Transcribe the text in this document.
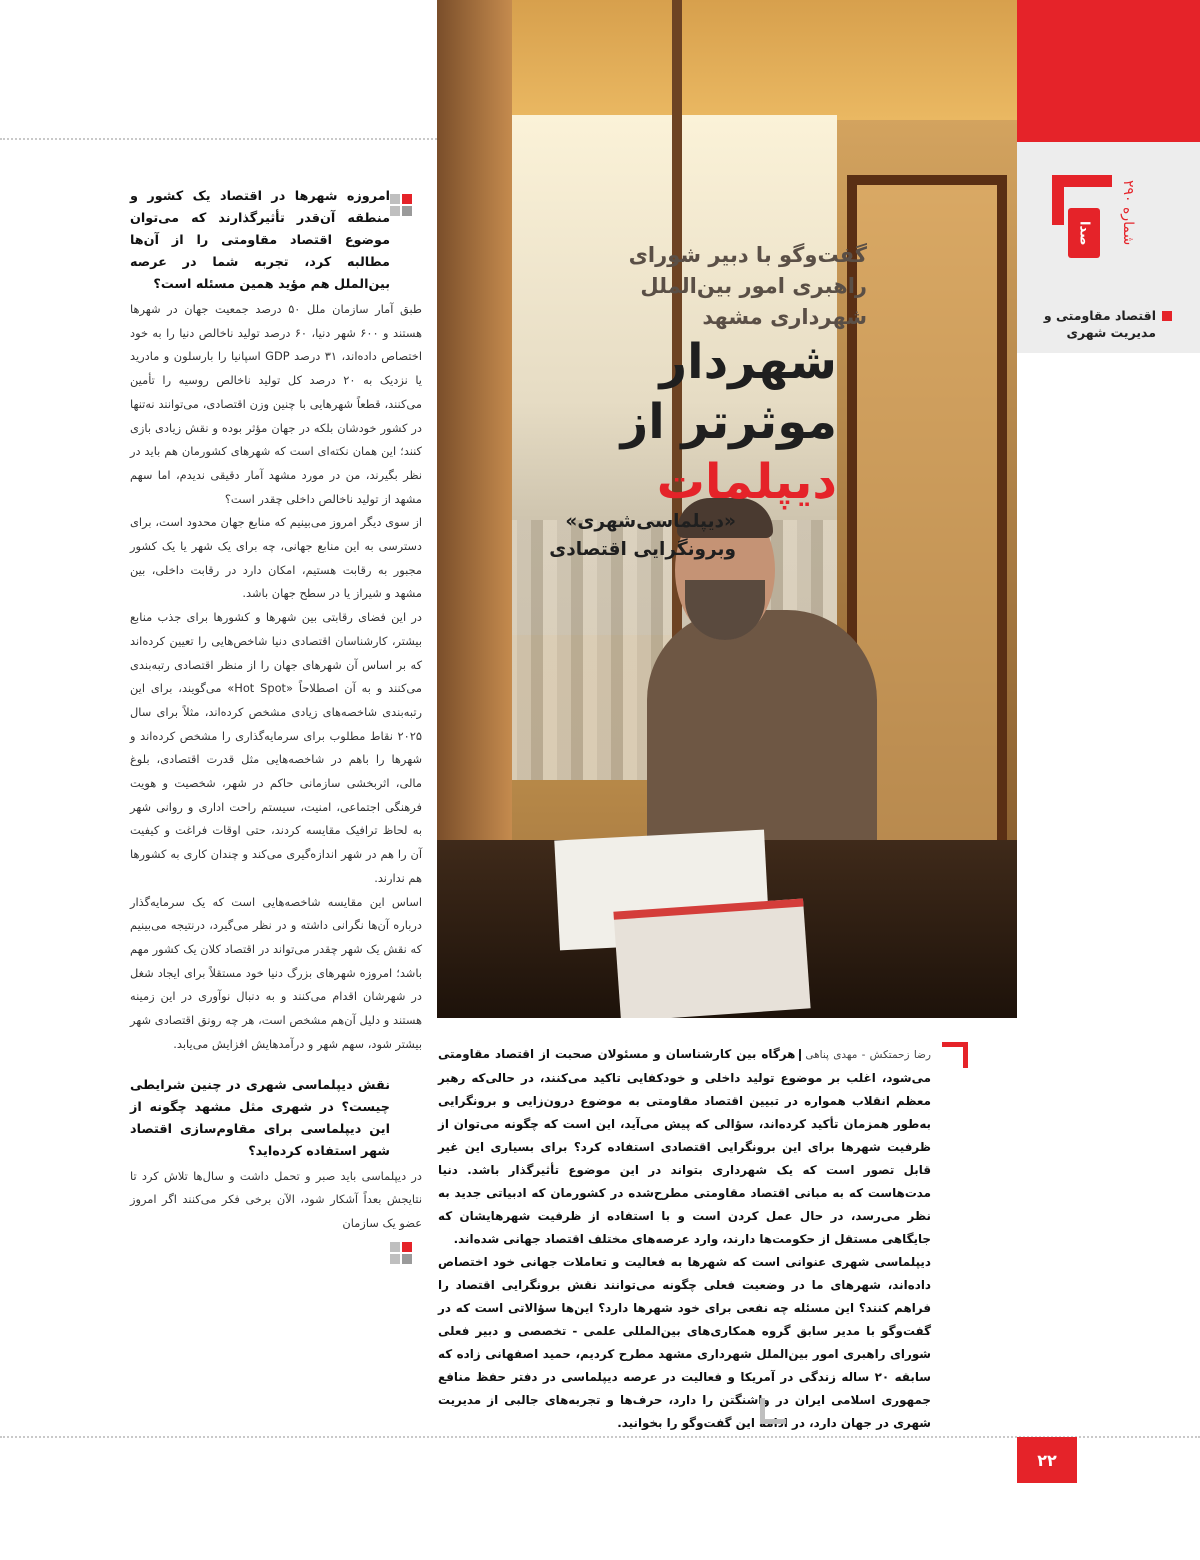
صدا
شماره ۲۹۰
اقتصاد مقاومتی و مدیریت شهری
گفت‌وگو با دبیر شورای راهبری امور بین‌الملل شهرداری مشهد
شهردار
موثرتر از
دیپلمات
«دیپلماسی‌شهری» وبرونگرایی اقتصادی

امروزه شهرها در اقتصاد یک کشور و منطقه آن‌قدر تأثیرگذارند که می‌توان موضوع اقتصاد مقاومتی را از آن‌ها مطالبه کرد، تجربه شما در عرصه بین‌الملل هم مؤید همین مسئله است؟

طبق آمار سازمان ملل ۵۰ درصد جمعیت جهان در شهرها هستند و ۶۰۰ شهر دنیا، ۶۰ درصد تولید ناخالص دنیا را به خود اختصاص داده‌اند، ۳۱ درصد GDP اسپانیا را بارسلون و مادرید یا نزدیک به ۲۰ درصد کل تولید ناخالص روسیه را تأمین می‌کنند، قطعاً شهرهایی با چنین وزن اقتصادی، می‌توانند نه‌تنها در کشور خودشان بلکه در جهان مؤثر بوده و نقش زیادی بازی کنند؛ این همان نکته‌ای است که شهرهای کشورمان هم باید در نظر بگیرند، من در مورد مشهد آمار دقیقی ندیدم، اما سهم مشهد از تولید ناخالص داخلی چقدر است؟

از سوی دیگر امروز می‌بینیم که منابع جهان محدود است، برای دسترسی به این منابع جهانی، چه برای یک شهر یا یک کشور مجبور به رقابت هستیم، امکان دارد در رقابت داخلی، بین مشهد و شیراز یا در سطح جهان باشد.

در این فضای رقابتی بین شهرها و کشورها برای جذب منابع بیشتر، کارشناسان اقتصادی دنیا شاخص‌هایی را تعیین کرده‌اند که بر اساس آن شهرهای جهان را از منظر اقتصادی رتبه‌بندی می‌کنند و به آن اصطلاحاً «Hot Spot» می‌گویند، برای این رتبه‌بندی شاخصه‌های زیادی مشخص کرده‌اند، مثلاً برای سال ۲۰۲۵ نقاط مطلوب برای سرمایه‌گذاری را مشخص کرده‌اند و شهرها را باهم در شاخصه‌هایی مثل قدرت اقتصادی، بلوغ مالی، اثربخشی سازمانی حاکم در شهر، شخصیت و هویت فرهنگی اجتماعی، امنیت، سیستم راحت اداری و روانی شهر به لحاظ ترافیک مقایسه کردند، حتی اوقات فراغت و کیفیت آن را هم در شهر اندازه‌گیری می‌کند و چندان کاری به کشورها هم ندارند.

اساس این مقایسه شاخصه‌هایی است که یک سرمایه‌گذار درباره آن‌ها نگرانی داشته و در نظر می‌گیرد، درنتیجه می‌بینیم که نقش یک شهر چقدر می‌تواند در اقتصاد کلان یک کشور مهم باشد؛ امروزه شهرهای بزرگ دنیا خود مستقلاً برای ایجاد شغل در شهرشان اقدام می‌کنند و به دنبال نوآوری در این زمینه هستند و دلیل آن‌هم مشخص است، هر چه رونق اقتصادی شهر بیشتر شود، سهم شهر و درآمدهایش افزایش می‌یابد.

نقش دیپلماسی شهری در چنین شرایطی چیست؟ در شهری مثل مشهد چگونه از این دیپلماسی برای مقاوم‌سازی اقتصاد شهر استفاده کرده‌اید؟

در دیپلماسی باید صبر و تحمل داشت و سال‌ها تلاش کرد تا نتایجش بعداً آشکار شود، الآن برخی فکر می‌کنند اگر امروز عضو یک سازمان

رضا زحمتکش - مهدی پناهیهرگاه بین کارشناسان و مسئولان صحبت از اقتصاد مقاومتی می‌شود، اغلب بر موضوع تولید داخلی و خودکفایی تاکید می‌کنند، در حالی‌که رهبر معظم انقلاب همواره در تبیین اقتصاد مقاومتی به موضوع درون‌زایی و برونگرایی به‌طور همزمان تأکید کرده‌اند، سؤالی که پیش می‌آید، این است که چگونه می‌توان از ظرفیت شهرها برای این برونگرایی اقتصادی استفاده کرد؟ برای بسیاری این غیر قابل تصور است که یک شهرداری بتواند در این موضوع تأثیرگذار باشد. دنیا مدت‌هاست که به مبانی اقتصاد مقاومتی مطرح‌شده در کشورمان که ادبیاتی جدید به نظر می‌رسد، در حال عمل کردن است و با استفاده از ظرفیت شهرهایشان که جایگاهی مستقل از حکومت‌ها دارند، وارد عرصه‌های مختلف اقتصاد جهانی شده‌اند.

دیپلماسی شهری عنوانی است که شهرها به فعالیت و تعاملات جهانی خود اختصاص داده‌اند، شهرهای ما در وضعیت فعلی چگونه می‌توانند نقش برونگرایی اقتصاد را فراهم کنند؟ این مسئله چه نفعی برای خود شهرها دارد؟ این‌ها سؤالاتی است که در گفت‌وگو با مدیر سابق گروه همکاری‌های بین‌المللی علمی - تخصصی و دبیر فعلی شورای راهبری امور بین‌الملل شهرداری مشهد مطرح کردیم، حمید اصفهانی زاده که سابقه ۲۰ ساله زندگی در آمریکا و فعالیت در عرصه دیپلماسی در دفتر حفظ منافع جمهوری اسلامی ایران در واشنگتن را دارد، حرف‌ها و تجربه‌های جالبی از مدیریت شهری در جهان دارد، در ادامه این گفت‌وگو را بخوانید.

۲۲
